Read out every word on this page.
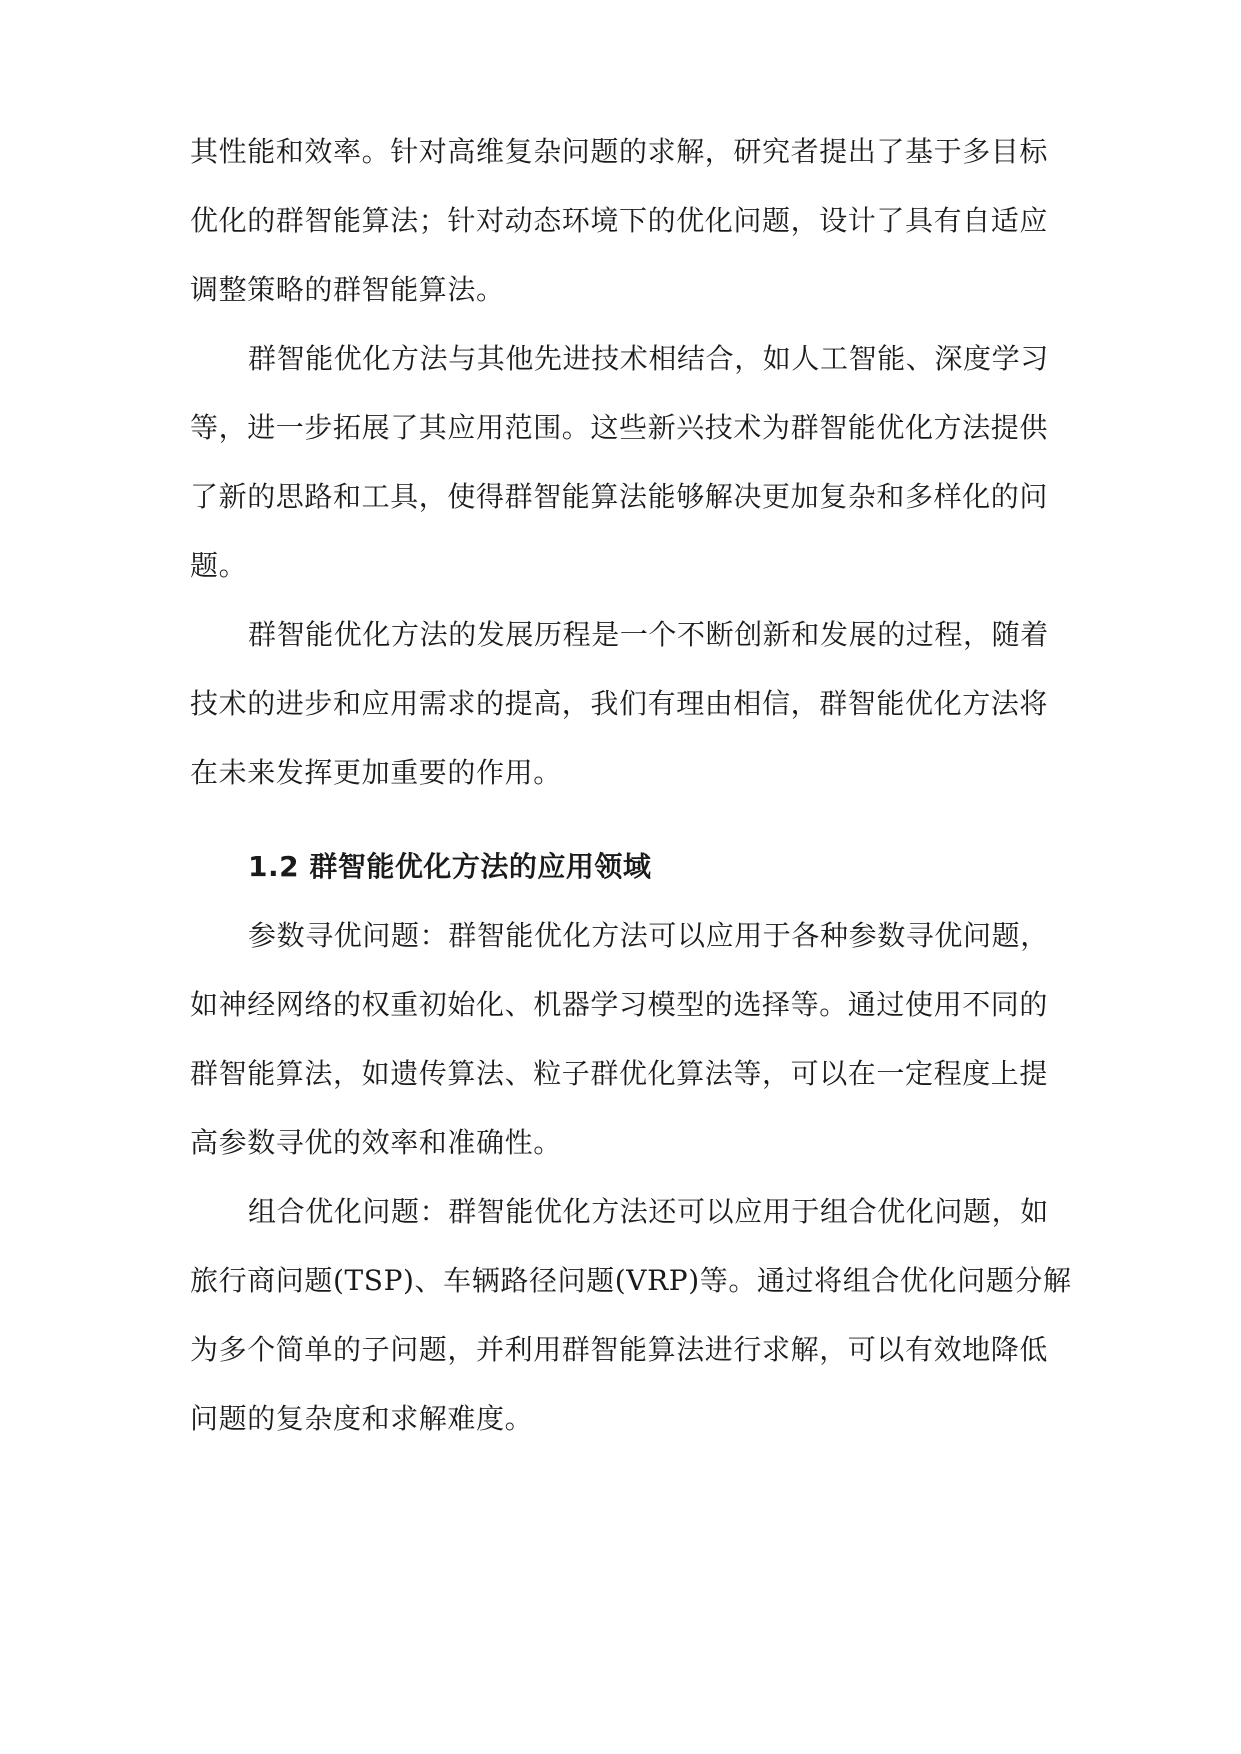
其性能和效率。针对高维复杂问题的求解，研究者提出了基于多目标
优化的群智能算法；针对动态环境下的优化问题，设计了具有自适应
调整策略的群智能算法。
群智能优化方法与其他先进技术相结合，如人工智能、深度学习
等，进一步拓展了其应用范围。这些新兴技术为群智能优化方法提供
了新的思路和工具，使得群智能算法能够解决更加复杂和多样化的问
题。
群智能优化方法的发展历程是一个不断创新和发展的过程，随着
技术的进步和应用需求的提高，我们有理由相信，群智能优化方法将
在未来发挥更加重要的作用。
1.2 群智能优化方法的应用领域
参数寻优问题：群智能优化方法可以应用于各种参数寻优问题，
如神经网络的权重初始化、机器学习模型的选择等。通过使用不同的
群智能算法，如遗传算法、粒子群优化算法等，可以在一定程度上提
高参数寻优的效率和准确性。
组合优化问题：群智能优化方法还可以应用于组合优化问题，如
旅行商问题(TSP)、车辆路径问题(VRP)等。通过将组合优化问题分解
为多个简单的子问题，并利用群智能算法进行求解，可以有效地降低
问题的复杂度和求解难度。
